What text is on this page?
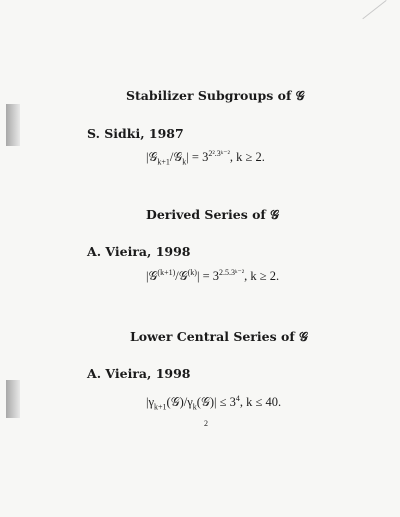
Stabilizer Subgroups of 𝒢
S. Sidki, 1987
|𝒢$_{k+1}$/𝒢$_k$| = $3^{2^2.3ᵏ^{-2}}$, k ≥ 2.
Derived Series of 𝒢
A. Vieira, 1998
|𝒢$^{(k+1)}$/𝒢$^{(k)}$| = $3^{2.5.3ᵏ^{-2}}$, k ≥ 2.
Lower Central Series of 𝒢
A. Vieira, 1998
$|\gamma_{k+1}(𝒢)/\gamma_k(𝒢)| \le 3^4$, k ≤ 40.
2
